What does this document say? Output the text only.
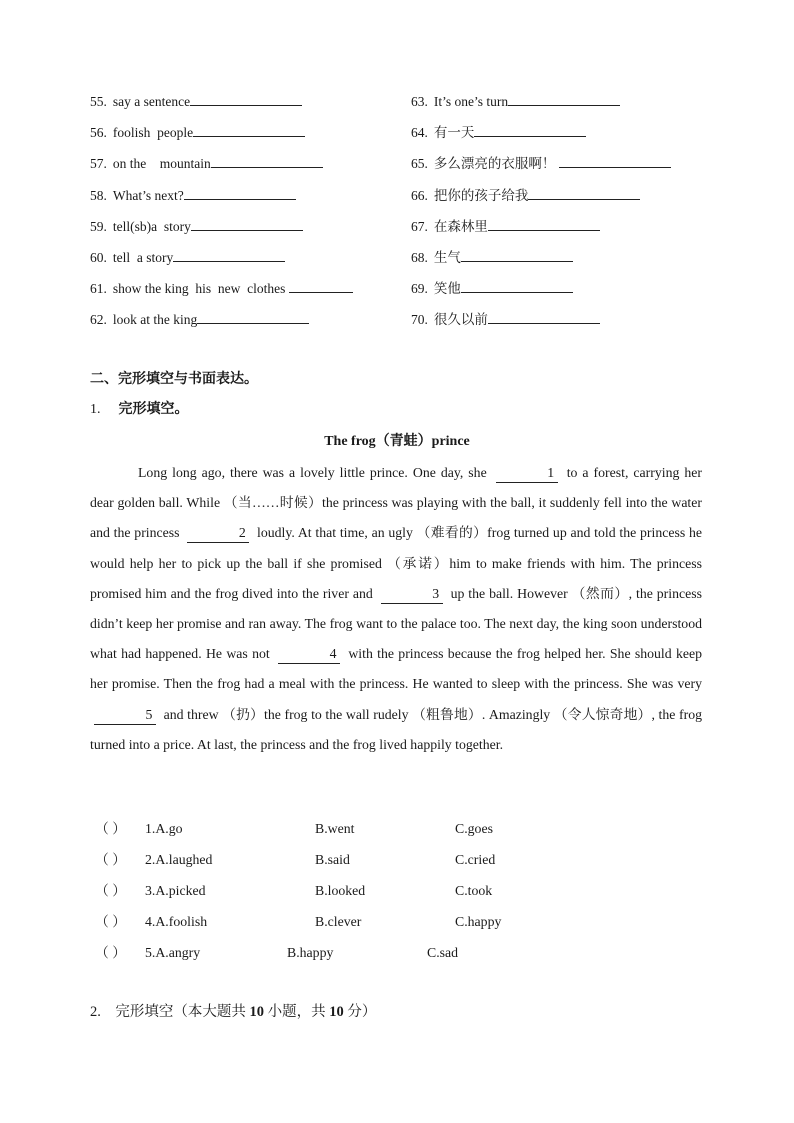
55. say a sentence	63. It’s one’s turn
56. foolish  people	64. 有一天
57. on the    mountain	65. 多么漂亮的衣服啊！
58. What’s next?	66. 把你的孩子给我
59. tell(sb)a  story	67. 在森林里
60. tell  a story	68. 生气
61. show the king  his  new  clothes	69. 笑他
62. look at the king	70. 很久以前
二、完形填空与书面表达。
1. 完形填空。
The frog（青蛙）prince

Long long ago, there was a lovely little prince. One day, she	1 to a forest, carrying her dear golden ball. While （当……时候）the princess was playing with the ball, it suddenly fell into the water and the princess	2 loudly. At that time, an ugly （难看的）frog turned up and told the princess he would help her to pick up the ball if she promised （承诺）him to make friends with him. The princess promised him and the frog dived into the river and	3 up the ball. However （然而）, the princess didn’t keep her promise and ran away. The frog want to the palace too. The next day, the king soon understood what had happened. He was not	4 with the princess because the frog helped her. She should keep her promise. Then the frog had a meal with the princess. He wanted to sleep with the princess. She was very 5 and threw （扔）the frog to the wall rudely （粗鲁地）. Amazingly （令人惊奇地）, the frog turned into a price. At last, the princess and the frog lived happily together.

（ ） 1.A.go	B.went	C.goes
（ ） 2.A.laughed	B.said	C.cried
（ ） 3.A.picked	B.looked	C.took
（ ） 4.A.foolish	B.clever	C.happy
（ ） 5.A.angry	B.happy	C.sad
2. 完形填空（本大题共 10 小题，共 10 分）
